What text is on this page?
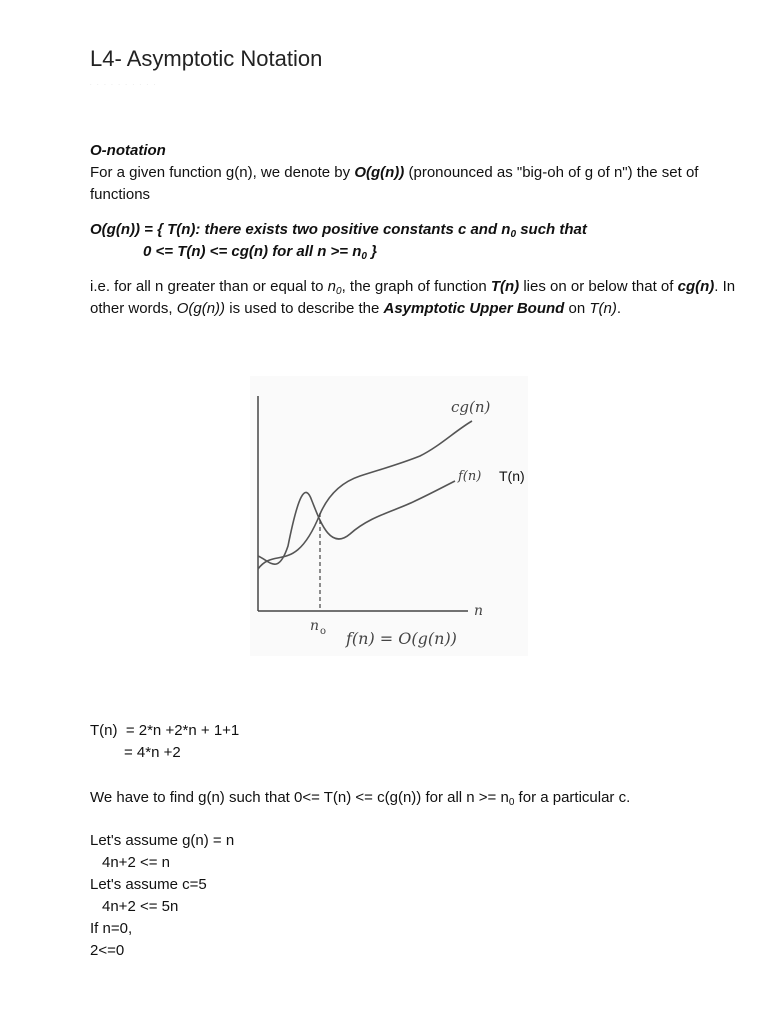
L4- Asymptotic Notation
· · · · · · · · · ·
O-notation
For a given function g(n), we denote by O(g(n)) (pronounced as "big-oh of g of n") the set of functions
O(g(n)) = { T(n): there exists two positive constants c and $n_0$ such that
0 <= T(n) <= cg(n) for all $n >= n_0$ }
i.e. for all n greater than or equal to $n_0$, the graph of function T(n) lies on or below that of cg(n). In other words, O(g(n)) is used to describe the Asymptotic Upper Bound on T(n).
cg(n)
f(n)
n
n o f(n) = O(g(n))
T(n)
T(n)  = 2*n +2*n + 1+1
= 4*n +2
We have to find g(n) such that 0<= T(n) <= c(g(n)) for all $n >= n_0$ for a particular c.
Let's assume g(n) = n
4n+2 <= n
Let's assume c=5
4n+2 <= 5n
If n=0,
2<=0
